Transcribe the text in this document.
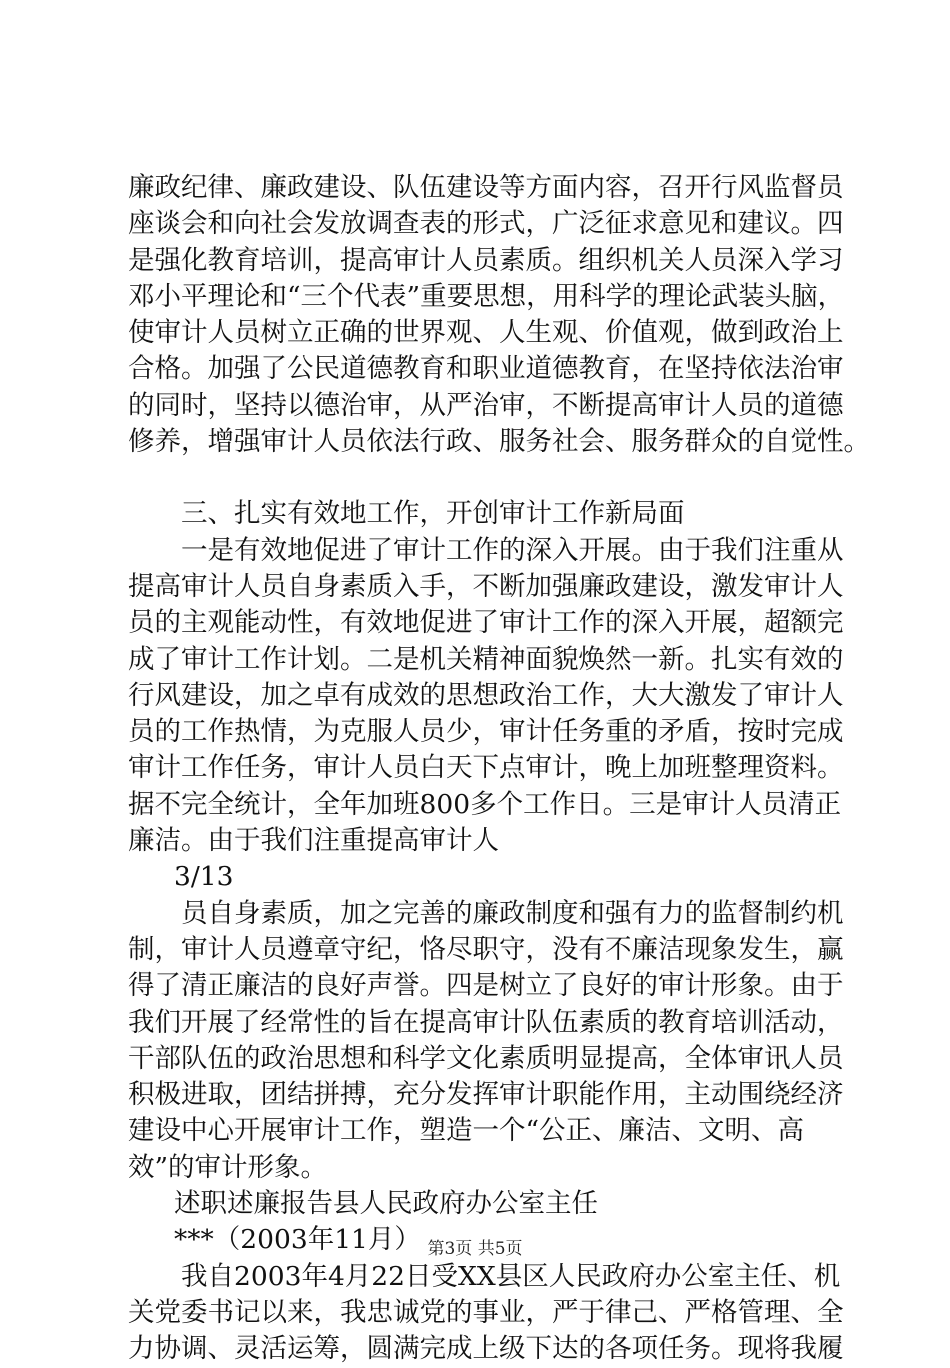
廉政纪律、廉政建设、队伍建设等方面内容，召开行风监督员
座谈会和向社会发放调查表的形式，广泛征求意见和建议。四
是强化教育培训，提高审计人员素质。组织机关人员深入学习
邓小平理论和“三个代表”重要思想，用科学的理论武装头脑，
使审计人员树立正确的世界观、人生观、价值观，做到政治上
合格。加强了公民道德教育和职业道德教育，在坚持依法治审
的同时，坚持以德治审，从严治审，不断提高审计人员的道德
修养，增强审计人员依法行政、服务社会、服务群众的自觉性。
三、扎实有效地工作，开创审计工作新局面
一是有效地促进了审计工作的深入开展。由于我们注重从
提高审计人员自身素质入手，不断加强廉政建设，激发审计人
员的主观能动性，有效地促进了审计工作的深入开展，超额完
成了审计工作计划。二是机关精神面貌焕然一新。扎实有效的
行风建设，加之卓有成效的思想政治工作，大大激发了审计人
员的工作热情，为克服人员少，审计任务重的矛盾，按时完成
审计工作任务，审计人员白天下点审计，晚上加班整理资料。
据不完全统计，全年加班800多个工作日。三是审计人员清正
廉洁。由于我们注重提高审计人
3/13
员自身素质，加之完善的廉政制度和强有力的监督制约机
制，审计人员遵章守纪，恪尽职守，没有不廉洁现象发生，赢
得了清正廉洁的良好声誉。四是树立了良好的审计形象。由于
我们开展了经常性的旨在提高审计队伍素质的教育培训活动，
干部队伍的政治思想和科学文化素质明显提高，全体审讯人员
积极进取，团结拼搏，充分发挥审计职能作用，主动围绕经济
建设中心开展审计工作，塑造一个“公正、廉洁、文明、高
效”的审计形象。
述职述廉报告县人民政府办公室主任
***（2003年11月）
我自2003年4月22日受XX县区人民政府办公室主任、机
关党委书记以来，我忠诚党的事业，严于律己、严格管理、全
力协调、灵活运筹，圆满完成上级下达的各项任务。现将我履
第3页 共5页
